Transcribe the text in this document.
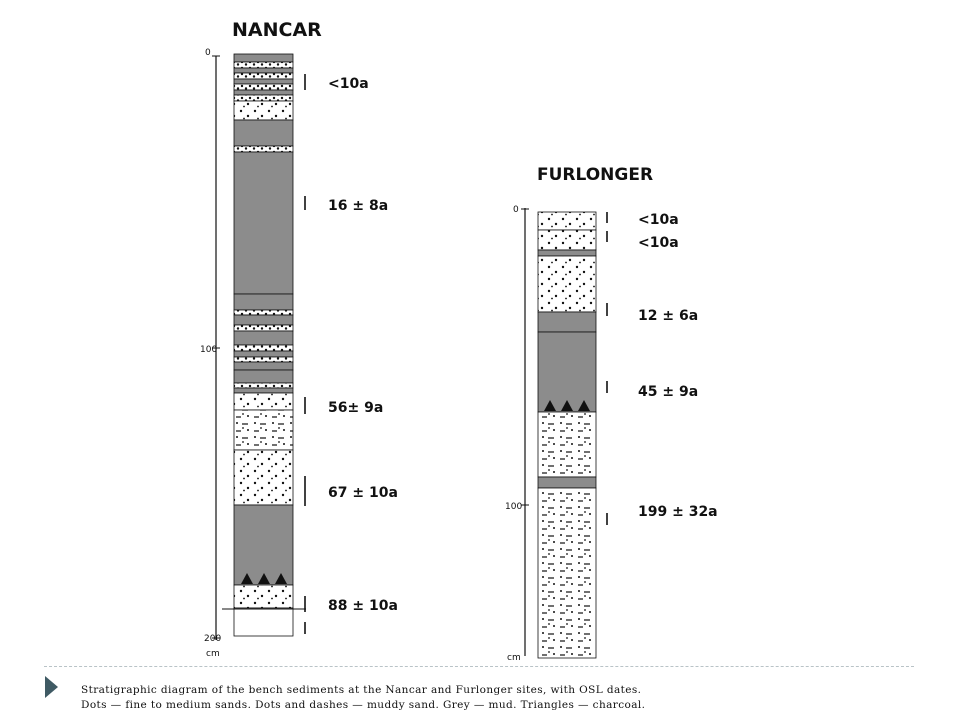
NANCAR
0
100
200
cm
<10a
16 ± 8a
56± 9a
67 ± 10a
88 ± 10a
FURLONGER
0
100
cm
<10a
<10a
12 ± 6a
45 ± 9a
199 ± 32a
Stratigraphic diagram of the bench sediments at the Nancar and Furlonger sites, with OSL dates.
Dots — fine to medium sands. Dots and dashes — muddy sand. Grey — mud. Triangles — charcoal.
